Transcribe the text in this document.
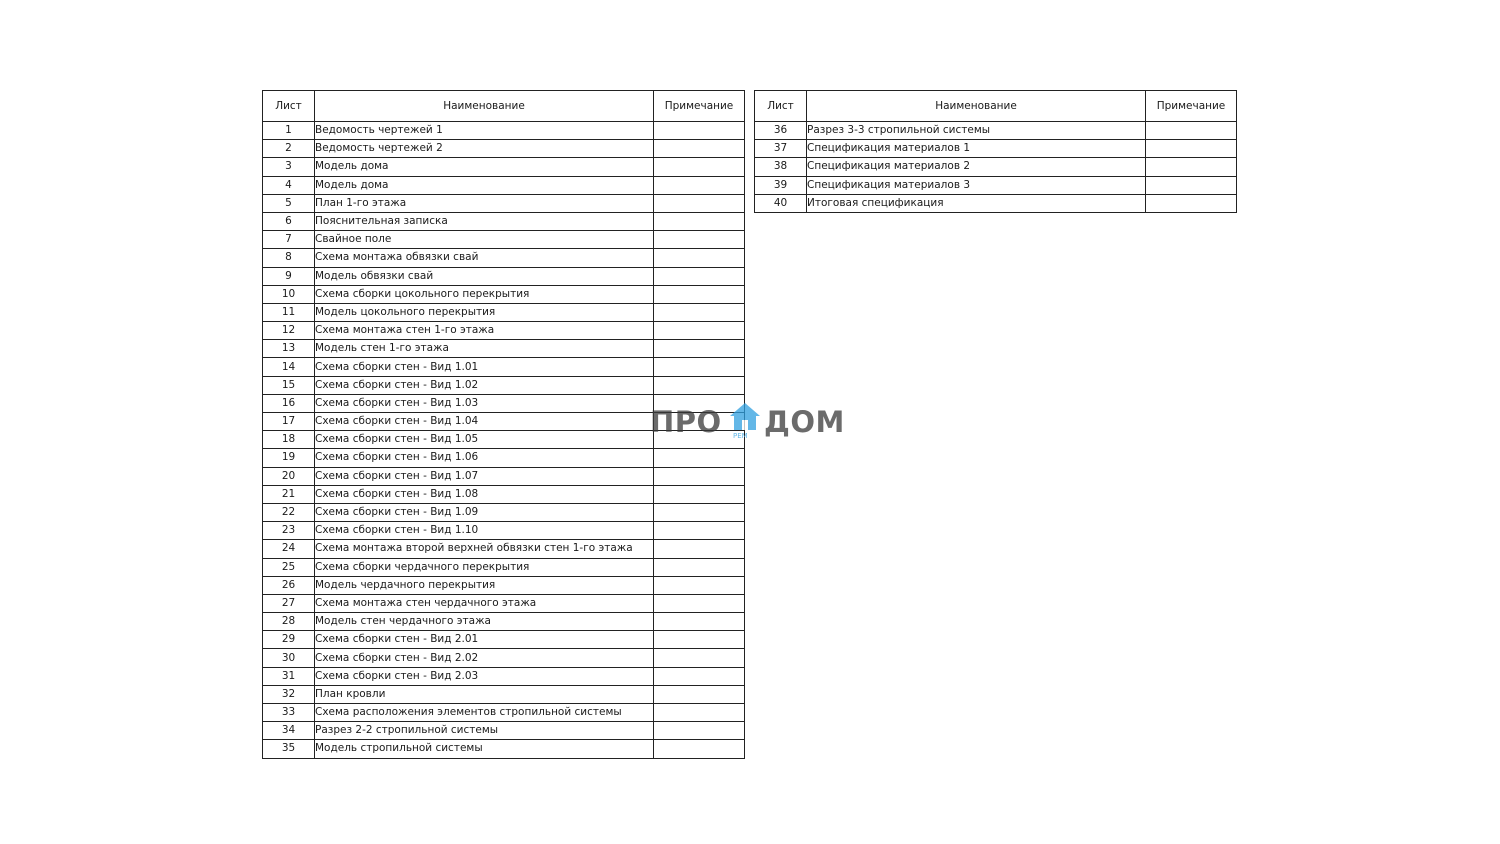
Лист	Наименование	Примечание
1	Ведомость чертежей 1	
2	Ведомость чертежей 2	
3	Модель дома	
4	Модель дома	
5	План 1-го этажа	
6	Пояснительная записка	
7	Свайное поле	
8	Схема монтажа обвязки свай	
9	Модель обвязки свай	
10	Схема сборки цокольного перекрытия	
11	Модель цокольного перекрытия	
12	Схема монтажа стен 1-го этажа	
13	Модель стен 1-го этажа	
14	Схема сборки стен - Вид 1.01	
15	Схема сборки стен - Вид 1.02	
16	Схема сборки стен - Вид 1.03	
17	Схема сборки стен - Вид 1.04	
18	Схема сборки стен - Вид 1.05	
19	Схема сборки стен - Вид 1.06	
20	Схема сборки стен - Вид 1.07	
21	Схема сборки стен - Вид 1.08	
22	Схема сборки стен - Вид 1.09	
23	Схема сборки стен - Вид 1.10	
24	Схема монтажа второй верхней обвязки стен 1-го этажа	
25	Схема сборки чердачного перекрытия	
26	Модель чердачного перекрытия	
27	Схема монтажа стен чердачного этажа	
28	Модель стен чердачного этажа	
29	Схема сборки стен - Вид 2.01	
30	Схема сборки стен - Вид 2.02	
31	Схема сборки стен - Вид 2.03	
32	План кровли	
33	Схема расположения элементов стропильной системы	
34	Разрез 2-2 стропильной системы	
35	Модель стропильной системы	
Лист	Наименование	Примечание
36	Разрез 3-3 стропильной системы	
37	Спецификация материалов 1	
38	Спецификация материалов 2	
39	Спецификация материалов 3	
40	Итоговая спецификация	
ПРО РЕМ ДОМ
